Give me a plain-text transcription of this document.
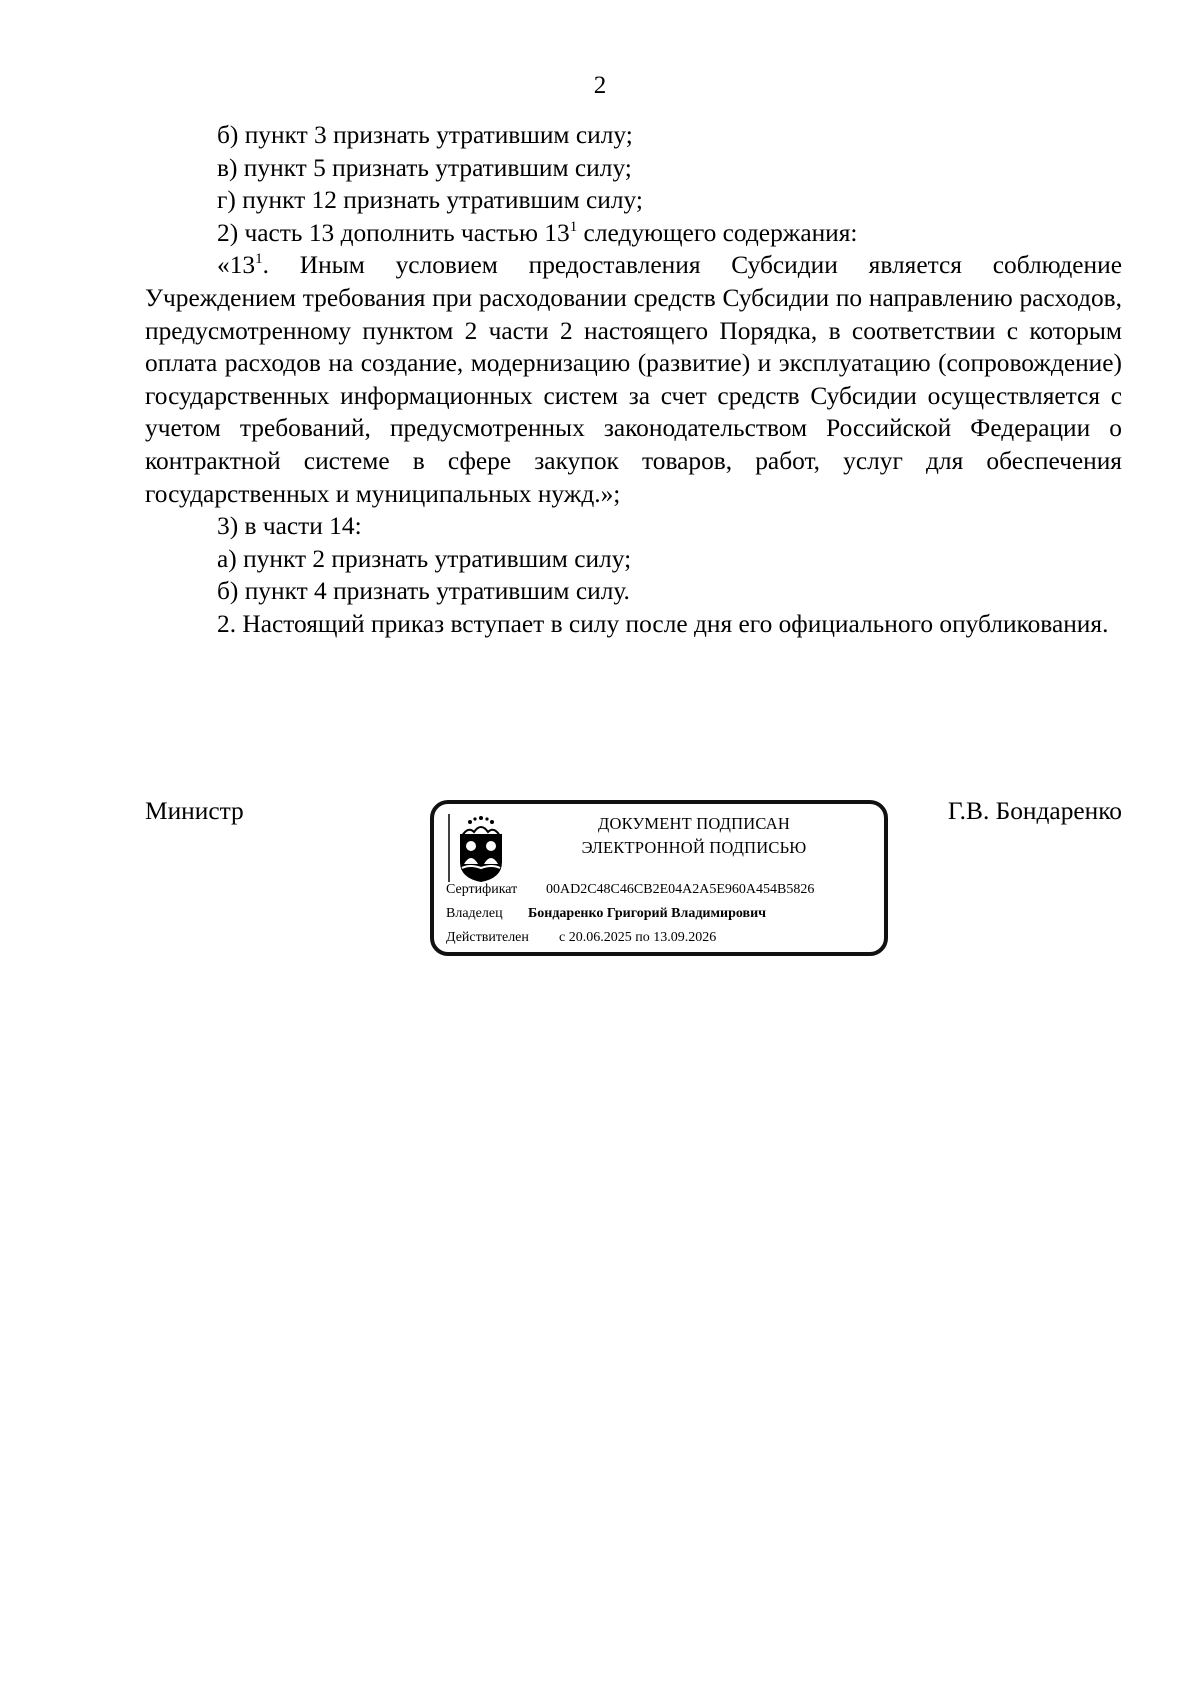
2

б) пункт 3 признать утратившим силу;

в) пункт 5 признать утратившим силу;

г) пункт 12 признать утратившим силу;

2) часть 13 дополнить частью $13^1$ следующего содержания:

«$13^1$. Иным условием предоставления Субсидии является соблюдение Учреждением требования при расходовании средств Субсидии по направлению расходов, предусмотренному пунктом 2 части 2 настоящего Порядка, в соответствии с которым оплата расходов на создание, модернизацию (развитие) и эксплуатацию (сопровождение) государственных информационных систем за счет средств Субсидии осуществляется с учетом требований, предусмотренных законодательством Российской Федерации о контрактной системе в сфере закупок товаров, работ, услуг для обеспечения государственных и муниципальных нужд.»;

3) в части 14:

а) пункт 2 признать утратившим силу;

б) пункт 4 признать утратившим силу.

2. Настоящий приказ вступает в силу после дня его официального опубликования.

Министр	Г.В. Бондаренко
ДОКУМЕНТ ПОДПИСАН
ЭЛЕКТРОННОЙ ПОДПИСЬЮ
Сертификат 00AD2C48C46CB2E04A2A5E960A454B5826
Владелец Бондаренко Григорий Владимирович
Действителен с 20.06.2025 по 13.09.2026
